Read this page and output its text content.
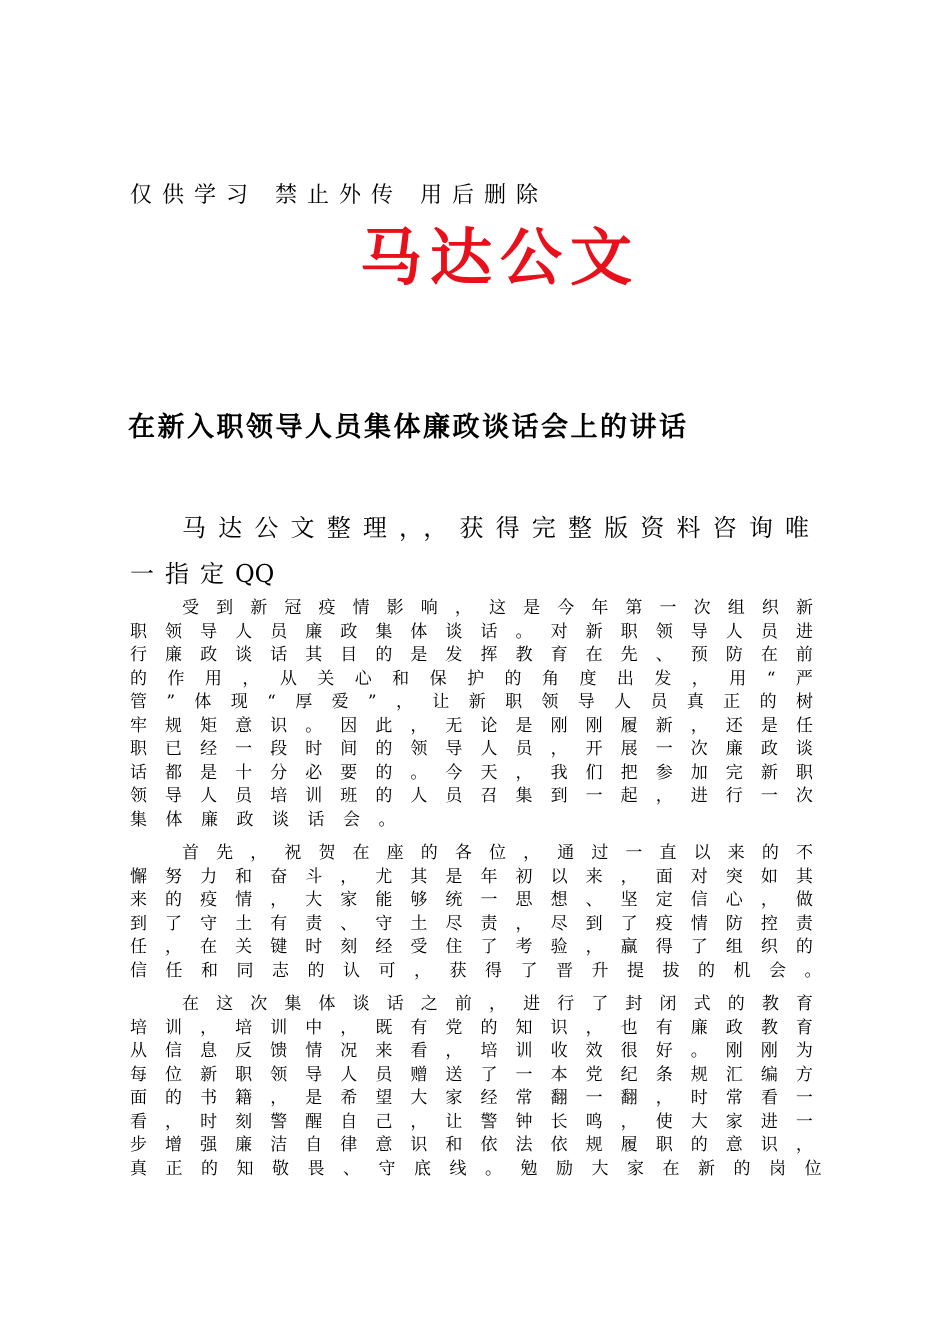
仅供学习 禁止外传 用后删除
马达公文
在新入职领导人员集体廉政谈话会上的讲话
马达公文整理，，获得完整版资料咨询唯一指定QQ
受 到 新 冠 疫 情 影 响 ， 这 是 今 年 第 一 次 组 织 新
职 领 导 人 员 廉 政 集 体 谈 话 。 对 新 职 领 导 人 员 进
行 廉 政 谈 话 其 目 的 是 发 挥 教 育 在 先 、 预 防 在 前
的 作 用 ， 从 关 心 和 保 护 的 角 度 出 发 ， 用 “ 严
管 ” 体 现 “ 厚 爱 ” ， 让 新 职 领 导 人 员 真 正 的 树
牢 规 矩 意 识 。 因 此 ， 无 论 是 刚 刚 履 新 ， 还 是 任
职 已 经 一 段 时 间 的 领 导 人 员 ， 开 展 一 次 廉 政 谈
话 都 是 十 分 必 要 的 。 今 天 ， 我 们 把 参 加 完 新 职
领 导 人 员 培 训 班 的 人 员 召 集 到 一 起 ， 进 行 一 次
集 体 廉 政 谈 话 会 。
首 先 ， 祝 贺 在 座 的 各 位 ， 通 过 一 直 以 来 的 不
懈 努 力 和 奋 斗 ， 尤 其 是 年 初 以 来 ， 面 对 突 如 其
来 的 疫 情 ， 大 家 能 够 统 一 思 想 、 坚 定 信 心 ， 做
到 了 守 土 有 责 、 守 土 尽 责 ， 尽 到 了 疫 情 防 控 责
任 ， 在 关 键 时 刻 经 受 住 了 考 验 ， 赢 得 了 组 织 的
信 任 和 同 志 的 认 可 ， 获 得 了 晋 升 提 拔 的 机 会 。
在 这 次 集 体 谈 话 之 前 ， 进 行 了 封 闭 式 的 教 育
培 训 ， 培 训 中 ， 既 有 党 的 知 识 ， 也 有 廉 政 教 育
从 信 息 反 馈 情 况 来 看 ， 培 训 收 效 很 好 。 刚 刚 为
每 位 新 职 领 导 人 员 赠 送 了 一 本 党 纪 条 规 汇 编 方
面 的 书 籍 ， 是 希 望 大 家 经 常 翻 一 翻 ， 时 常 看 一
看 ， 时 刻 警 醒 自 己 ， 让 警 钟 长 鸣 ， 使 大 家 进 一
步 增 强 廉 洁 自 律 意 识 和 依 法 依 规 履 职 的 意 识 ，
真 正 的 知 敬 畏 、 守 底 线 。 勉 励 大 家 在 新 的 岗 位
